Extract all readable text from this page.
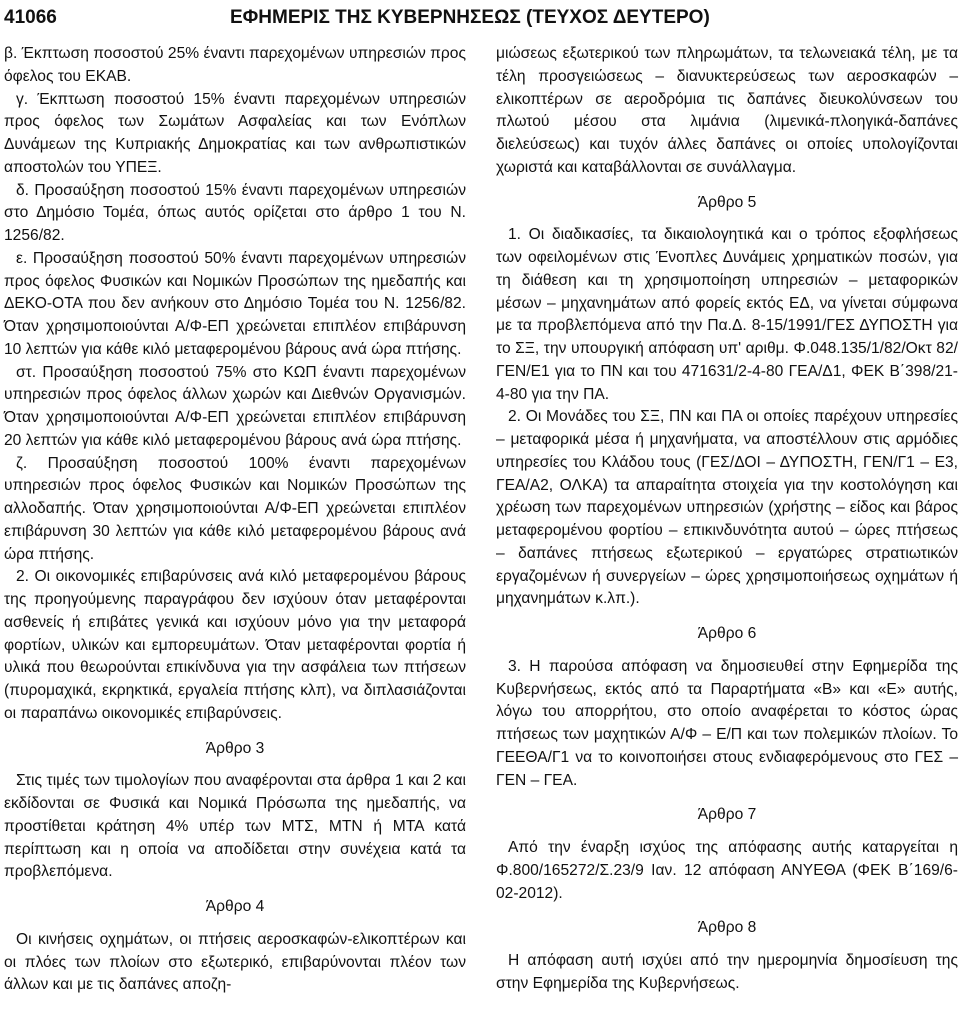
41066	ΕΦΗΜΕΡΙΣ ΤΗΣ ΚΥΒΕΡΝΗΣΕΩΣ (ΤΕΥΧΟΣ ΔΕΥΤΕΡΟ)

β. Έκπτωση ποσοστού 25% έναντι παρεχομένων υπηρεσιών προς όφελος του ΕΚΑΒ.

γ. Έκπτωση ποσοστού 15% έναντι παρεχομένων υπηρεσιών προς όφελος των Σωμάτων Ασφαλείας και των Ενόπλων Δυνάμεων της Κυπριακής Δημοκρατίας και των ανθρωπιστικών αποστολών του ΥΠΕΞ.

δ. Προσαύξηση ποσοστού 15% έναντι παρεχομένων υπηρεσιών στο Δημόσιο Τομέα, όπως αυτός ορίζεται στο άρθρο 1 του Ν. 1256/82.

ε. Προσαύξηση ποσοστού 50% έναντι παρεχομένων υπηρεσιών προς όφελος Φυσικών και Νομικών Προσώπων της ημεδαπής και ΔΕΚΟ-ΟΤΑ που δεν ανήκουν στο Δημόσιο Τομέα του Ν. 1256/82. Όταν χρησιμοποιούνται Α/Φ-ΕΠ χρεώνεται επιπλέον επιβάρυνση 10 λεπτών για κάθε κιλό μεταφερομένου βάρους ανά ώρα πτήσης.

στ. Προσαύξηση ποσοστού 75% στο ΚΩΠ έναντι παρεχομένων υπηρεσιών προς όφελος άλλων χωρών και Διεθνών Οργανισμών. Όταν χρησιμοποιούνται Α/Φ-ΕΠ χρεώνεται επιπλέον επιβάρυνση 20 λεπτών για κάθε κιλό μεταφερομένου βάρους ανά ώρα πτήσης.

ζ. Προσαύξηση ποσοστού 100% έναντι παρεχομένων υπηρεσιών προς όφελος Φυσικών και Νομικών Προσώπων της αλλοδαπής. Όταν χρησιμοποιούνται Α/Φ-ΕΠ χρεώνεται επιπλέον επιβάρυνση 30 λεπτών για κάθε κιλό μεταφερομένου βάρους ανά ώρα πτήσης.

2. Οι οικονομικές επιβαρύνσεις ανά κιλό μεταφερομένου βάρους της προηγούμενης παραγράφου δεν ισχύουν όταν μεταφέρονται ασθενείς ή επιβάτες γενικά και ισχύουν μόνο για την μεταφορά φορτίων, υλικών και εμπορευμάτων. Όταν μεταφέρονται φορτία ή υλικά που θεωρούνται επικίνδυνα για την ασφάλεια των πτήσεων (πυρομαχικά, εκρηκτικά, εργαλεία πτήσης κλπ), να διπλασιάζονται οι παραπάνω οικονομικές επιβαρύνσεις.

Άρθρο 3

Στις τιμές των τιμολογίων που αναφέρονται στα άρθρα 1 και 2 και εκδίδονται σε Φυσικά και Νομικά Πρόσωπα της ημεδαπής, να προστίθεται κράτηση 4% υπέρ των ΜΤΣ, ΜΤΝ ή ΜΤΑ κατά περίπτωση και η οποία να αποδίδεται στην συνέχεια κατά τα προβλεπόμενα.

Άρθρο 4

Οι κινήσεις οχημάτων, οι πτήσεις αεροσκαφών-ελικοπτέρων και οι πλόες των πλοίων στο εξωτερικό, επιβαρύνονται πλέον των άλλων και με τις δαπάνες αποζη-

μιώσεως εξωτερικού των πληρωμάτων, τα τελωνειακά τέλη, με τα τέλη προσγειώσεως – διανυκτερεύσεως των αεροσκαφών – ελικοπτέρων σε αεροδρόμια τις δαπάνες διευκολύνσεων του πλωτού μέσου στα λιμάνια (λιμενικά-πλοηγικά-δαπάνες διελεύσεως) και τυχόν άλλες δαπάνες οι οποίες υπολογίζονται χωριστά και καταβάλλονται σε συνάλλαγμα.

Άρθρο 5

1. Οι διαδικασίες, τα δικαιολογητικά και ο τρόπος εξοφλήσεως των οφειλομένων στις Ένοπλες Δυνάμεις χρηματικών ποσών, για τη διάθεση και τη χρησιμοποίηση υπηρεσιών – μεταφορικών μέσων – μηχανημάτων από φορείς εκτός ΕΔ, να γίνεται σύμφωνα με τα προβλεπόμενα από την Πα.Δ. 8-15/1991/ΓΕΣ ΔΥΠΟΣΤΗ για το ΣΞ, την υπουργική απόφαση υπ' αριθμ. Φ.048.135/1/82/Οκτ 82/ΓΕΝ/Ε1 για το ΠΝ και του 471631/2-4-80 ΓΕΑ/Δ1, ΦΕΚ Β΄398/21-4-80 για την ΠΑ.

2. Οι Μονάδες του ΣΞ, ΠΝ και ΠΑ οι οποίες παρέχουν υπηρεσίες – μεταφορικά μέσα ή μηχανήματα, να αποστέλλουν στις αρμόδιες υπηρεσίες του Κλάδου τους (ΓΕΣ/ΔΟΙ – ΔΥΠΟΣΤΗ, ΓΕΝ/Γ1 – Ε3, ΓΕΑ/Α2, ΟΛΚΑ) τα απαραίτητα στοιχεία για την κοστολόγηση και χρέωση των παρεχομένων υπηρεσιών (χρήστης – είδος και βάρος μεταφερομένου φορτίου – επικινδυνότητα αυτού – ώρες πτήσεως – δαπάνες πτήσεως εξωτερικού – εργατώρες στρατιωτικών εργαζομένων ή συνεργείων – ώρες χρησιμοποιήσεως οχημάτων ή μηχανημάτων κ.λπ.).

Άρθρο 6

3. Η παρούσα απόφαση να δημοσιευθεί στην Εφημερίδα της Κυβερνήσεως, εκτός από τα Παραρτήματα «Β» και «Ε» αυτής, λόγω του απορρήτου, στο οποίο αναφέρεται το κόστος ώρας πτήσεως των μαχητικών Α/Φ – Ε/Π και των πολεμικών πλοίων. Το ΓΕΕΘΑ/Γ1 να το κοινοποιήσει στους ενδιαφερόμενους στο ΓΕΣ – ΓΕΝ – ΓΕΑ.

Άρθρο 7

Από την έναρξη ισχύος της απόφασης αυτής καταργείται η Φ.800/165272/Σ.23/9 Ιαν. 12 απόφαση ΑΝΥΕΘΑ (ΦΕΚ Β΄169/6-02-2012).

Άρθρο 8

Η απόφαση αυτή ισχύει από την ημερομηνία δημοσίευση της στην Εφημερίδα της Κυβερνήσεως.
